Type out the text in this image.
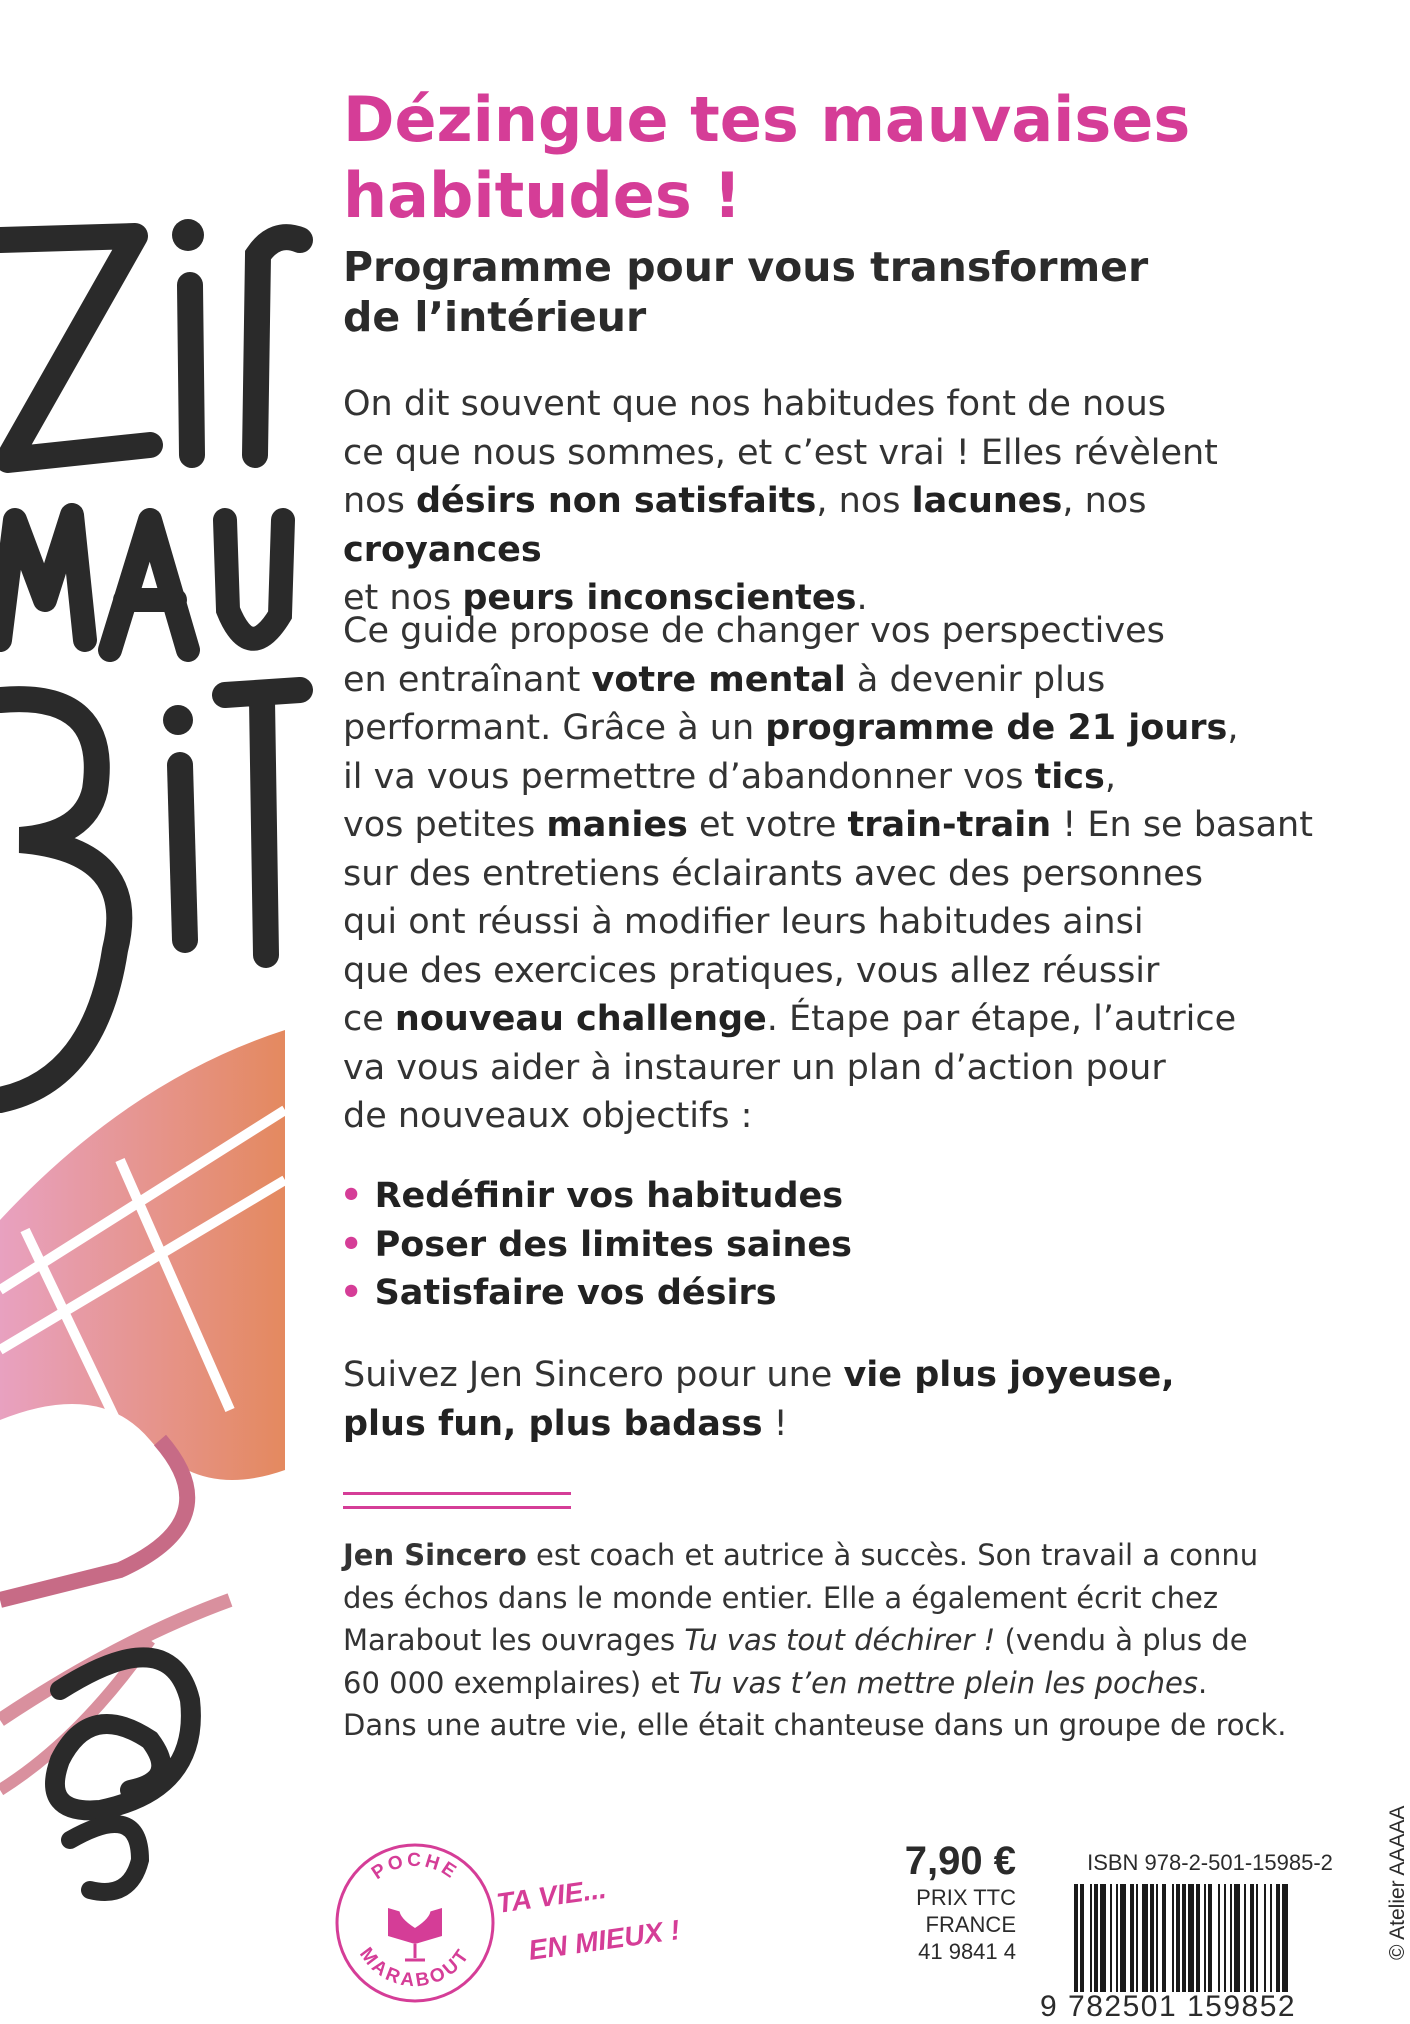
Dézingue tes mauvaises habitudes !
Programme pour vous transformer
de l’intérieur

On dit souvent que nos habitudes font de nous
ce que nous sommes, et c’est vrai ! Elles révèlent
nos désirs non satisfaits, nos lacunes, nos croyances
et nos peurs inconscientes.

Ce guide propose de changer vos perspectives
en entraînant votre mental à devenir plus
performant. Grâce à un programme de 21 jours,
il va vous permettre d’abandonner vos tics,
vos petites manies et votre train-train ! En se basant
sur des entretiens éclairants avec des personnes
qui ont réussi à modifier leurs habitudes ainsi
que des exercices pratiques, vous allez réussir
ce nouveau challenge. Étape par étape, l’autrice
va vous aider à instaurer un plan d’action pour
de nouveaux objectifs :

• Redéfinir vos habitudes
• Poser des limites saines
• Satisfaire vos désirs

Suivez Jen Sincero pour une vie plus joyeuse,
plus fun, plus badass !

Jen Sincero est coach et autrice à succès. Son travail a connu
des échos dans le monde entier. Elle a également écrit chez
Marabout les ouvrages Tu vas tout déchirer ! (vendu à plus de
60 000 exemplaires) et Tu vas t’en mettre plein les poches.
Dans une autre vie, elle était chanteuse dans un groupe de rock.

POCHE
MARABOUT
TA VIE...
EN MIEUX !
7,90 €
PRIX TTC FRANCE
41 9841 4
ISBN 978-2-501-15985-2
9 782501 159852
© Atelier AAAAA
